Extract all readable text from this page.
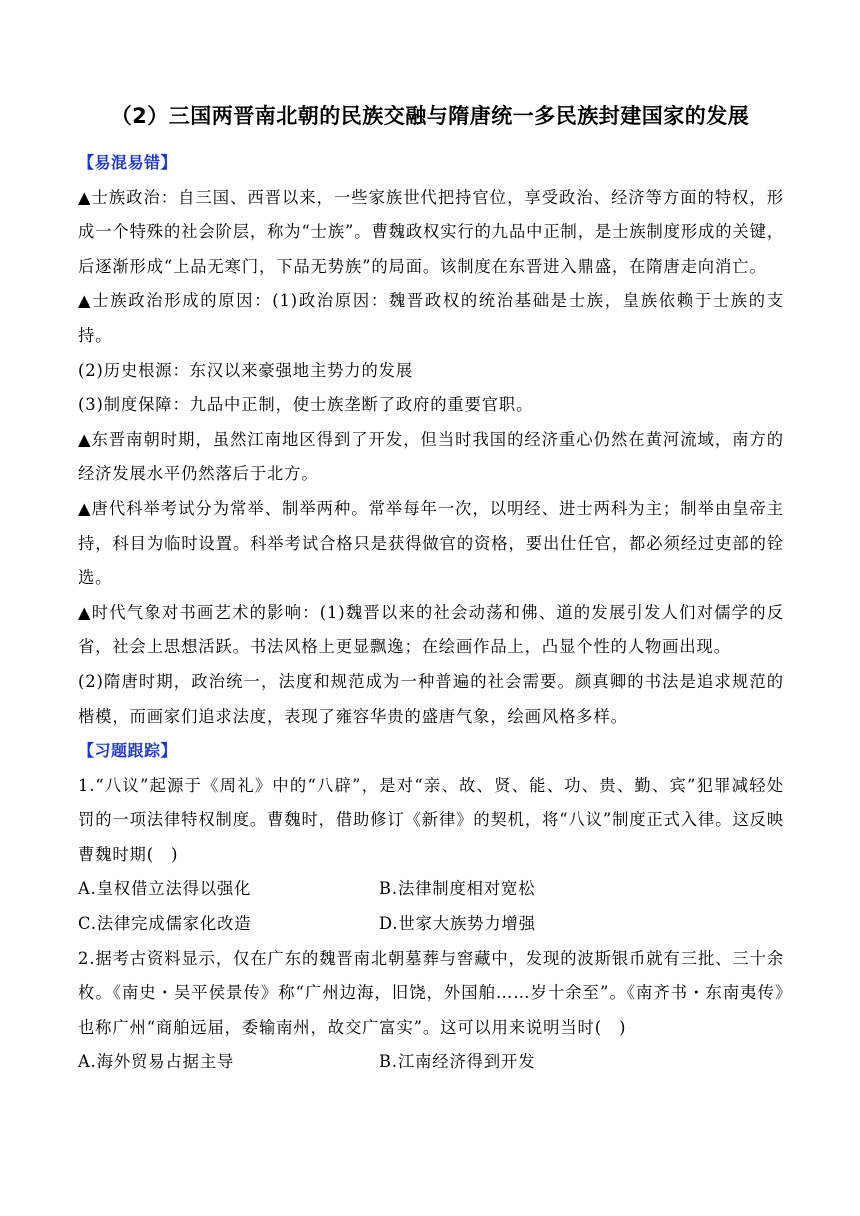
（2）三国两晋南北朝的民族交融与隋唐统一多民族封建国家的发展

【易混易错】

▲士族政治：自三国、西晋以来，一些家族世代把持官位，享受政治、经济等方面的特权，形成一个特殊的社会阶层，称为“士族”。曹魏政权实行的九品中正制，是士族制度形成的关键，后逐渐形成“上品无寒门，下品无势族”的局面。该制度在东晋进入鼎盛，在隋唐走向消亡。

▲士族政治形成的原因：(1)政治原因：魏晋政权的统治基础是士族，皇族依赖于士族的支持。

(2)历史根源：东汉以来豪强地主势力的发展

(3)制度保障：九品中正制，使士族垄断了政府的重要官职。

▲东晋南朝时期，虽然江南地区得到了开发，但当时我国的经济重心仍然在黄河流域，南方的经济发展水平仍然落后于北方。

▲唐代科举考试分为常举、制举两种。常举每年一次，以明经、进士两科为主；制举由皇帝主持，科目为临时设置。科举考试合格只是获得做官的资格，要出仕任官，都必须经过吏部的铨选。

▲时代气象对书画艺术的影响：(1)魏晋以来的社会动荡和佛、道的发展引发人们对儒学的反省，社会上思想活跃。书法风格上更显飘逸；在绘画作品上，凸显个性的人物画出现。

(2)隋唐时期，政治统一，法度和规范成为一种普遍的社会需要。颜真卿的书法是追求规范的楷模，而画家们追求法度，表现了雍容华贵的盛唐气象，绘画风格多样。

【习题跟踪】

1.“八议”起源于《周礼》中的“八辟”，是对“亲、故、贤、能、功、贵、勤、宾”犯罪减轻处罚的一项法律特权制度。曹魏时，借助修订《新律》的契机，将“八议”制度正式入律。这反映曹魏时期(　)

A.皇权借立法得以强化	B.法律制度相对宽松
C.法律完成儒家化改造	D.世家大族势力增强

2.据考古资料显示，仅在广东的魏晋南北朝墓葬与窖藏中，发现的波斯银币就有三批、三十余枚。《南史・吴平侯景传》称“广州边海，旧饶，外国舶……岁十余至”。《南齐书・东南夷传》也称广州“商舶远届，委输南州，故交广富实”。这可以用来说明当时(　)

A.海外贸易占据主导	B.江南经济得到开发
